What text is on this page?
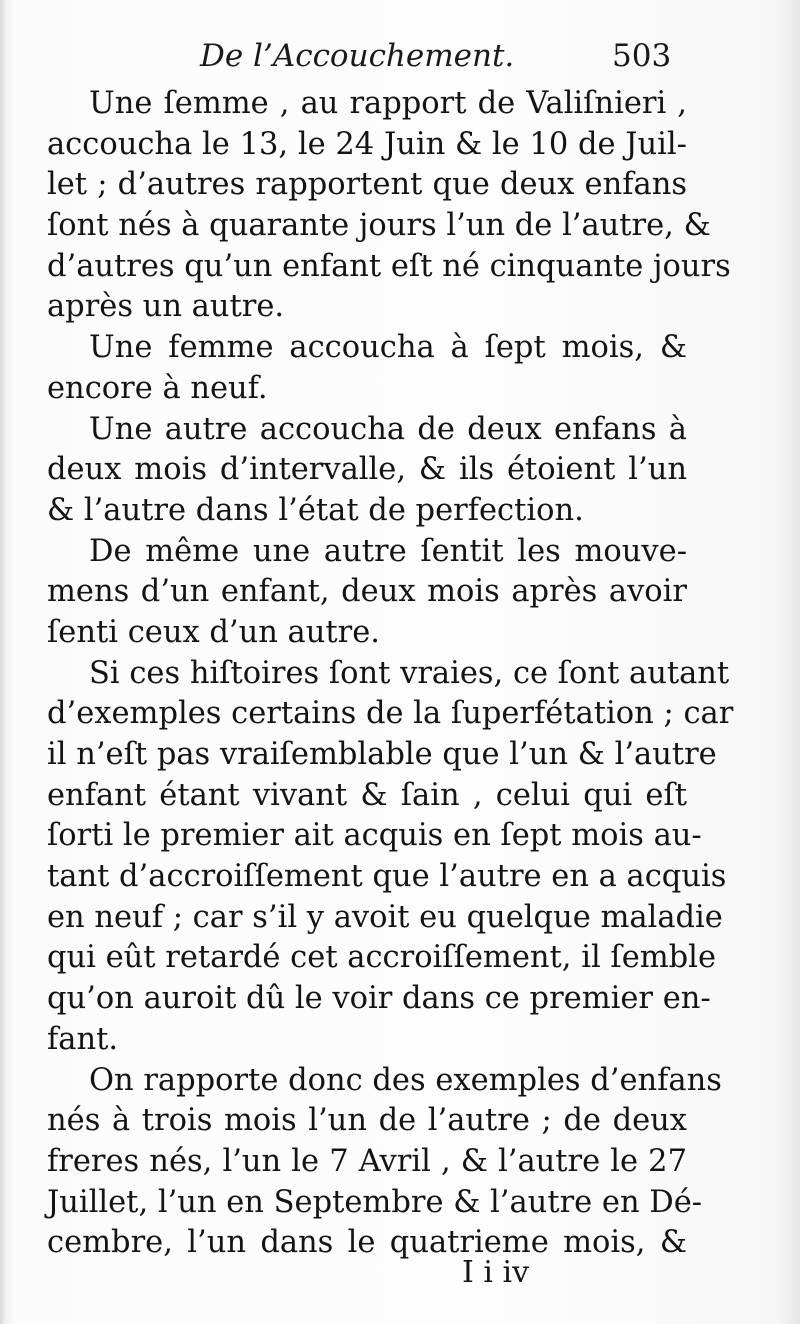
De l’Accouchement.	503
Une ſemme , au rapport de Valiſnieri ,
accoucha le 13, le 24 Juin & le 10 de Juil-
let ; d’autres rapportent que deux enfans
ſont nés à quarante jours l’un de l’autre, &
d’autres qu’un enfant eſt né cinquante jours
après un autre.
Une femme accoucha à ſept mois, &
encore à neuf.
Une autre accoucha de deux enfans à
deux mois d’intervalle, & ils étoient l’un
& l’autre dans l’état de perfection.
De même une autre ſentit les mouve-
mens d’un enfant, deux mois après avoir
ſenti ceux d’un autre.
Si ces hiſtoires ſont vraies, ce ſont autant
d’exemples certains de la ſuperfétation ; car
il n’eſt pas vraiſemblable que l’un & l’autre
enfant étant vivant & ſain , celui qui eſt
ſorti le premier ait acquis en ſept mois au-
tant d’accroiſſement que l’autre en a acquis
en neuf ; car s’il y avoit eu quelque maladie
qui eût retardé cet accroiſſement, il ſemble
qu’on auroit dû le voir dans ce premier en-
fant.
On rapporte donc des exemples d’enfans
nés à trois mois l’un de l’autre ; de deux
freres nés, l’un le 7 Avril , & l’autre le 27
Juillet, l’un en Septembre & l’autre en Dé-
cembre, l’un dans le quatrieme mois, &
I i iv
